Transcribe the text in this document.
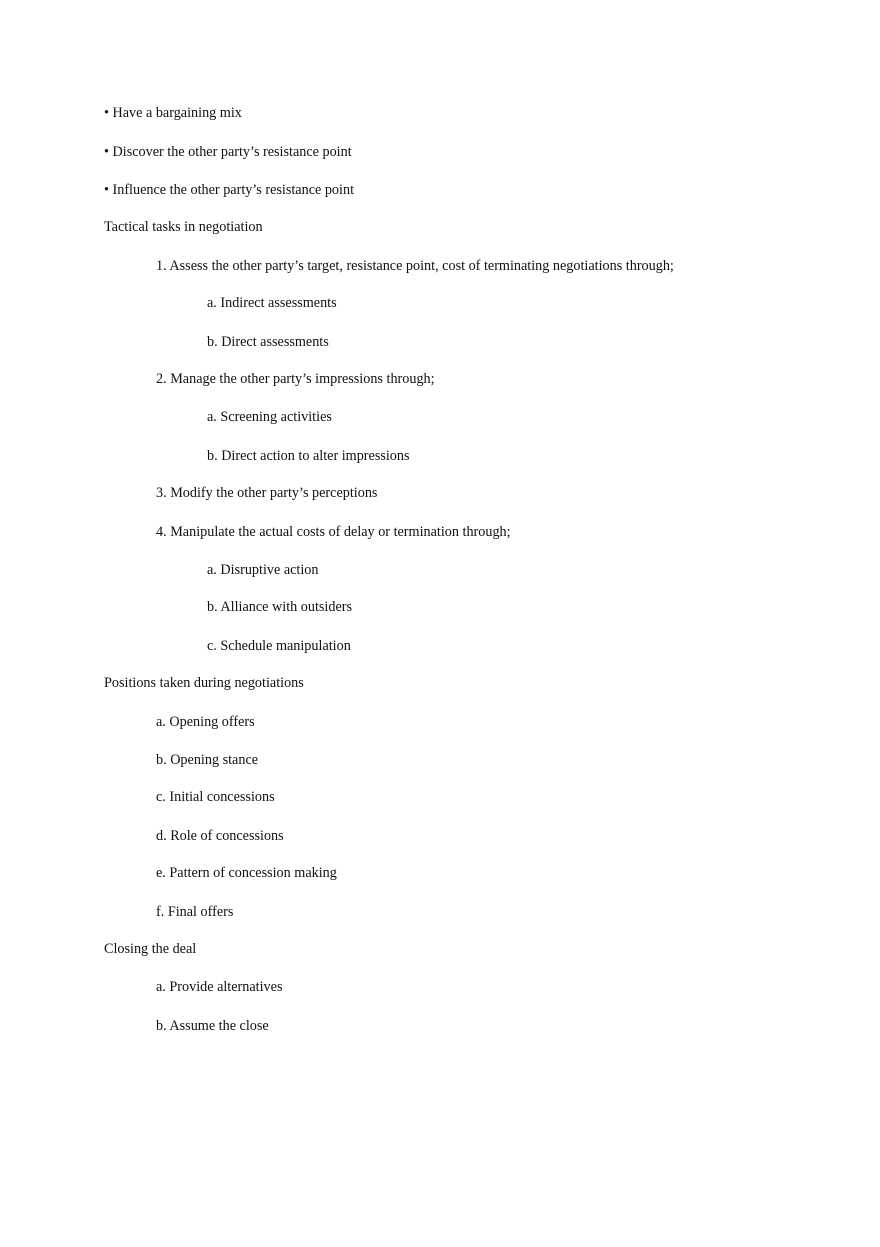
• Have a bargaining mix
• Discover the other party’s resistance point
• Influence the other party’s resistance point
Tactical tasks in negotiation
1. Assess the other party’s target, resistance point, cost of terminating negotiations through;
a. Indirect assessments
b. Direct assessments
2. Manage the other party’s impressions through;
a. Screening activities
b. Direct action to alter impressions
3. Modify the other party’s perceptions
4. Manipulate the actual costs of delay or termination through;
a. Disruptive action
b. Alliance with outsiders
c. Schedule manipulation
Positions taken during negotiations
a. Opening offers
b. Opening stance
c. Initial concessions
d. Role of concessions
e. Pattern of concession making
f. Final offers
Closing the deal
a. Provide alternatives
b. Assume the close
